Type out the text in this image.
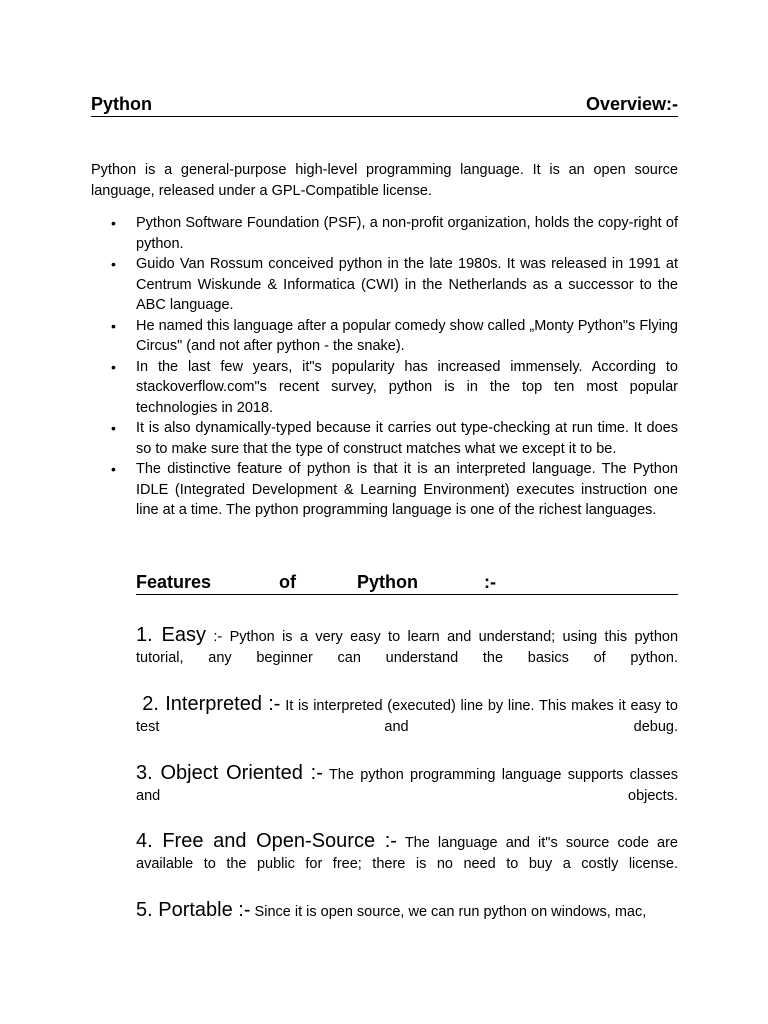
Python	Overview:-

Python is a general-purpose high-level programming language. It is an open source language, released under a GPL-Compatible license.

• Python Software Foundation (PSF), a non-profit organization, holds the copy-right of python.
• Guido Van Rossum conceived python in the late 1980s. It was released in 1991 at Centrum Wiskunde & Informatica (CWI) in the Netherlands as a successor to the ABC language.
• He named this language after a popular comedy show called „Monty Python"s Flying Circus" (and not after python - the snake).
• In the last few years, it"s popularity has increased immensely. According to stackoverflow.com"s recent survey, python is in the top ten most popular technologies in 2018.
• It is also dynamically-typed because it carries out type-checking at run time. It does so to make sure that the type of construct matches what we except it to be.
• The distinctive feature of python is that it is an interpreted language. The Python IDLE (Integrated Development & Learning Environment) executes instruction one line at a time. The python programming language is one of the richest languages.
Features	of	Python	:-
1. Easy :- Python is a very easy to learn and understand; using this python tutorial, any beginner can understand the basics of python.
2. Interpreted :- It is interpreted (executed) line by line. This makes it easy to test and debug.
3. Object Oriented :- The python programming language supports classes and objects.
4. Free and Open-Source :- The language and it"s source code are available to the public for free; there is no need to buy a costly license.
5. Portable :- Since it is open source, we can run python on windows, mac,
